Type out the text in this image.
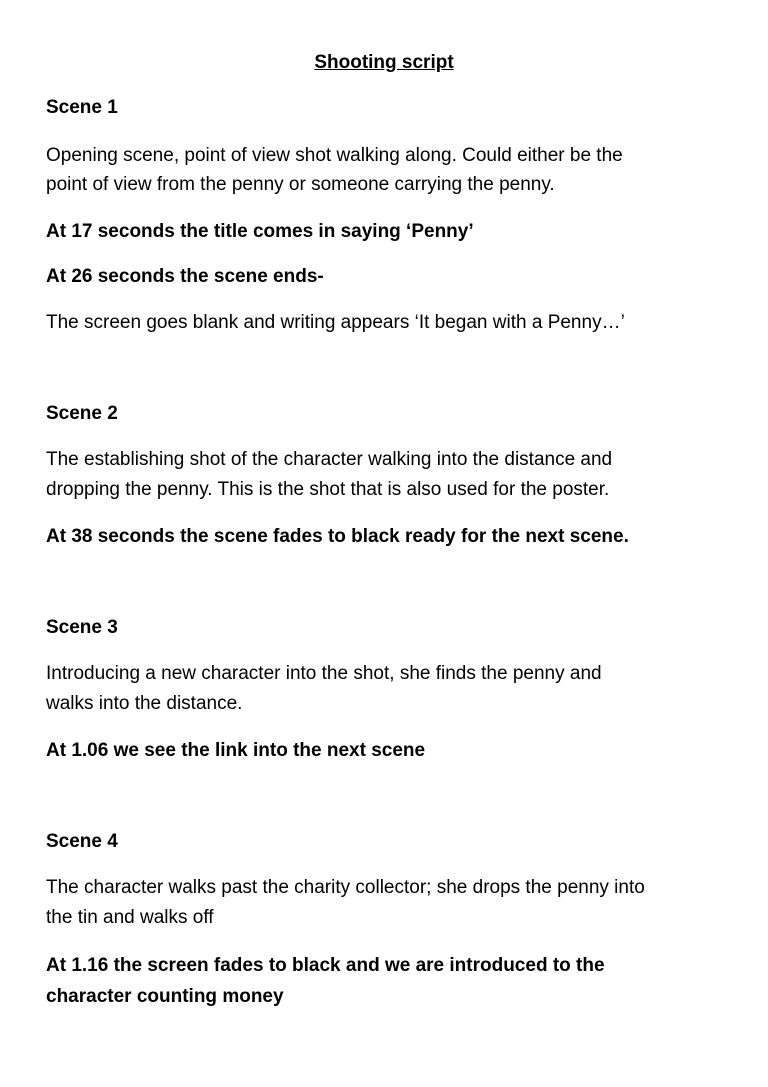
Shooting script
Scene 1
Opening scene, point of view shot walking along. Could either be the
point of view from the penny or someone carrying the penny.
At 17 seconds the title comes in saying ‘Penny’
At 26 seconds the scene ends-
The screen goes blank and writing appears ‘It began with a Penny…’
Scene 2
The establishing shot of the character walking into the distance and
dropping the penny. This is the shot that is also used for the poster.
At 38 seconds the scene fades to black ready for the next scene.
Scene 3
Introducing a new character into the shot, she finds the penny and
walks into the distance.
At 1.06 we see the link into the next scene
Scene 4
The character walks past the charity collector; she drops the penny into
the tin and walks off
At 1.16 the screen fades to black and we are introduced to the
character counting money
